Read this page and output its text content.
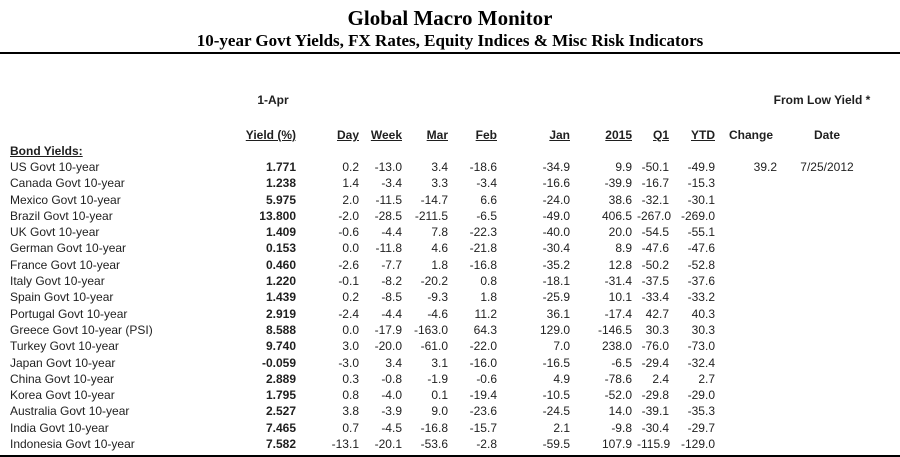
Global Macro Monitor
10-year Govt Yields, FX Rates, Equity Indices & Misc Risk Indicators
	1-Apr									From Low Yield *		

	Yield (%)	Day	Week	Mar	Feb	Jan	2015	Q1	YTD	Change	Date	
Bond Yields:												
US Govt 10-year	1.771	0.2	-13.0	3.4	-18.6	-34.9	9.9	-50.1	-49.9	39.2	7/25/2012	
Canada Govt 10-year	1.238	1.4	-3.4	3.3	-3.4	-16.6	-39.9	-16.7	-15.3			
Mexico Govt 10-year	5.975	2.0	-11.5	-14.7	6.6	-24.0	38.6	-32.1	-30.1			
Brazil Govt 10-year	13.800	-2.0	-28.5	-211.5	-6.5	-49.0	406.5	-267.0	-269.0			
UK Govt 10-year	1.409	-0.6	-4.4	7.8	-22.3	-40.0	20.0	-54.5	-55.1			
German Govt 10-year	0.153	0.0	-11.8	4.6	-21.8	-30.4	8.9	-47.6	-47.6			
France Govt 10-year	0.460	-2.6	-7.7	1.8	-16.8	-35.2	12.8	-50.2	-52.8			
Italy Govt 10-year	1.220	-0.1	-8.2	-20.2	0.8	-18.1	-31.4	-37.5	-37.6			
Spain Govt 10-year	1.439	0.2	-8.5	-9.3	1.8	-25.9	10.1	-33.4	-33.2			
Portugal Govt 10-year	2.919	-2.4	-4.4	-4.6	11.2	36.1	-17.4	42.7	40.3			
Greece Govt 10-year (PSI)	8.588	0.0	-17.9	-163.0	64.3	129.0	-146.5	30.3	30.3			
Turkey Govt 10-year	9.740	3.0	-20.0	-61.0	-22.0	7.0	238.0	-76.0	-73.0			
Japan Govt 10-year	-0.059	-3.0	3.4	3.1	-16.0	-16.5	-6.5	-29.4	-32.4			
China Govt 10-year	2.889	0.3	-0.8	-1.9	-0.6	4.9	-78.6	2.4	2.7			
Korea Govt 10-year	1.795	0.8	-4.0	0.1	-19.4	-10.5	-52.0	-29.8	-29.0			
Australia Govt 10-year	2.527	3.8	-3.9	9.0	-23.6	-24.5	14.0	-39.1	-35.3			
India Govt 10-year	7.465	0.7	-4.5	-16.8	-15.7	2.1	-9.8	-30.4	-29.7			
Indonesia Govt 10-year	7.582	-13.1	-20.1	-53.6	-2.8	-59.5	107.9	-115.9	-129.0			
